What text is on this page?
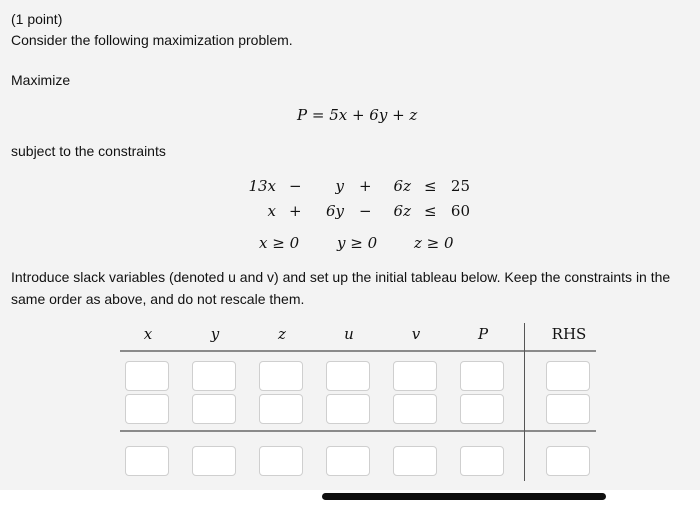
(1 point)
Consider the following maximization problem.
Maximize
P = 5x + 6y + z
subject to the constraints
13x −	y +	6z ≤ 25
x +	6y −	6z ≤ 60
x ≥ 0	y ≥ 0 z ≥ 0
Introduce slack variables (denoted u and v) and set up the initial tableau below. Keep the constraints in the
same order as above, and do not rescale them.
x	y	z	u	v	P	RHS
